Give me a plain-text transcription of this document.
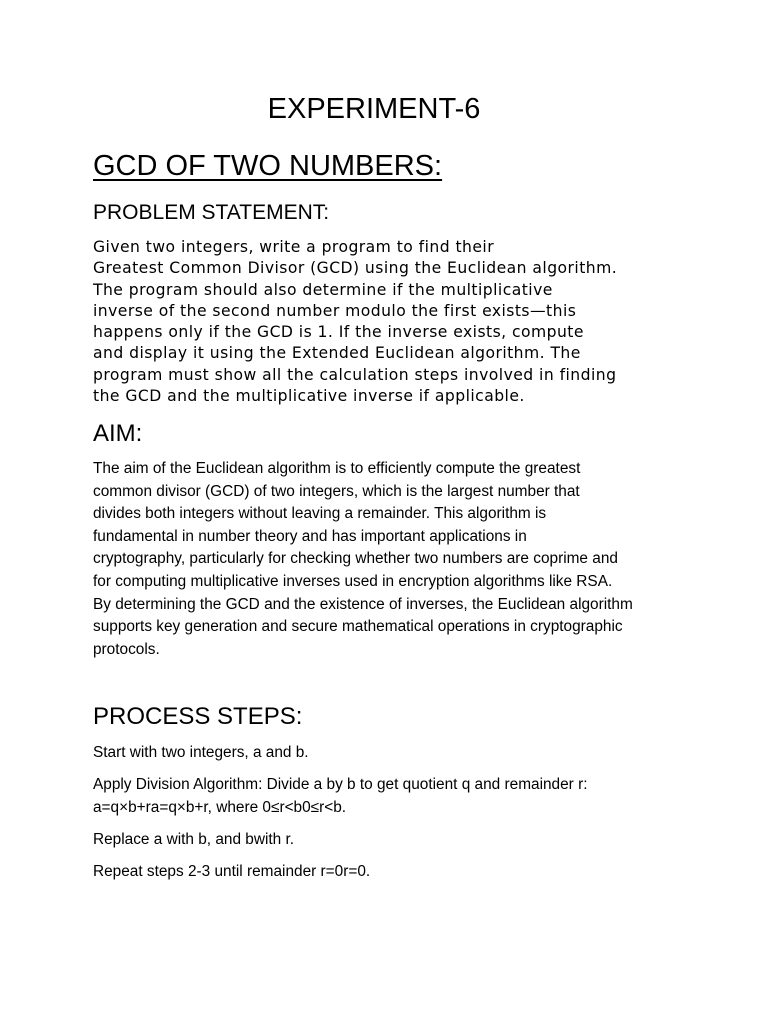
EXPERIMENT-6
GCD OF TWO NUMBERS:
PROBLEM STATEMENT:

Given two integers, write a program to find their
Greatest Common Divisor (GCD) using the Euclidean algorithm.
The program should also determine if the multiplicative
inverse of the second number modulo the first exists—this
happens only if the GCD is 1. If the inverse exists, compute
and display it using the Extended Euclidean algorithm. The
program must show all the calculation steps involved in finding
the GCD and the multiplicative inverse if applicable.

AIM:

The aim of the Euclidean algorithm is to efficiently compute the greatest
common divisor (GCD) of two integers, which is the largest number that
divides both integers without leaving a remainder. This algorithm is
fundamental in number theory and has important applications in
cryptography, particularly for checking whether two numbers are coprime and
for computing multiplicative inverses used in encryption algorithms like RSA.
By determining the GCD and the existence of inverses, the Euclidean algorithm
supports key generation and secure mathematical operations in cryptographic
protocols.

PROCESS STEPS:

Start with two integers, a and b.

Apply Division Algorithm: Divide a by b to get quotient q and remainder r:
a=q×b+ra=q×b+r, where 0≤r<b0≤r<b.

Replace a with b, and bwith r.

Repeat steps 2-3 until remainder r=0r=0.
